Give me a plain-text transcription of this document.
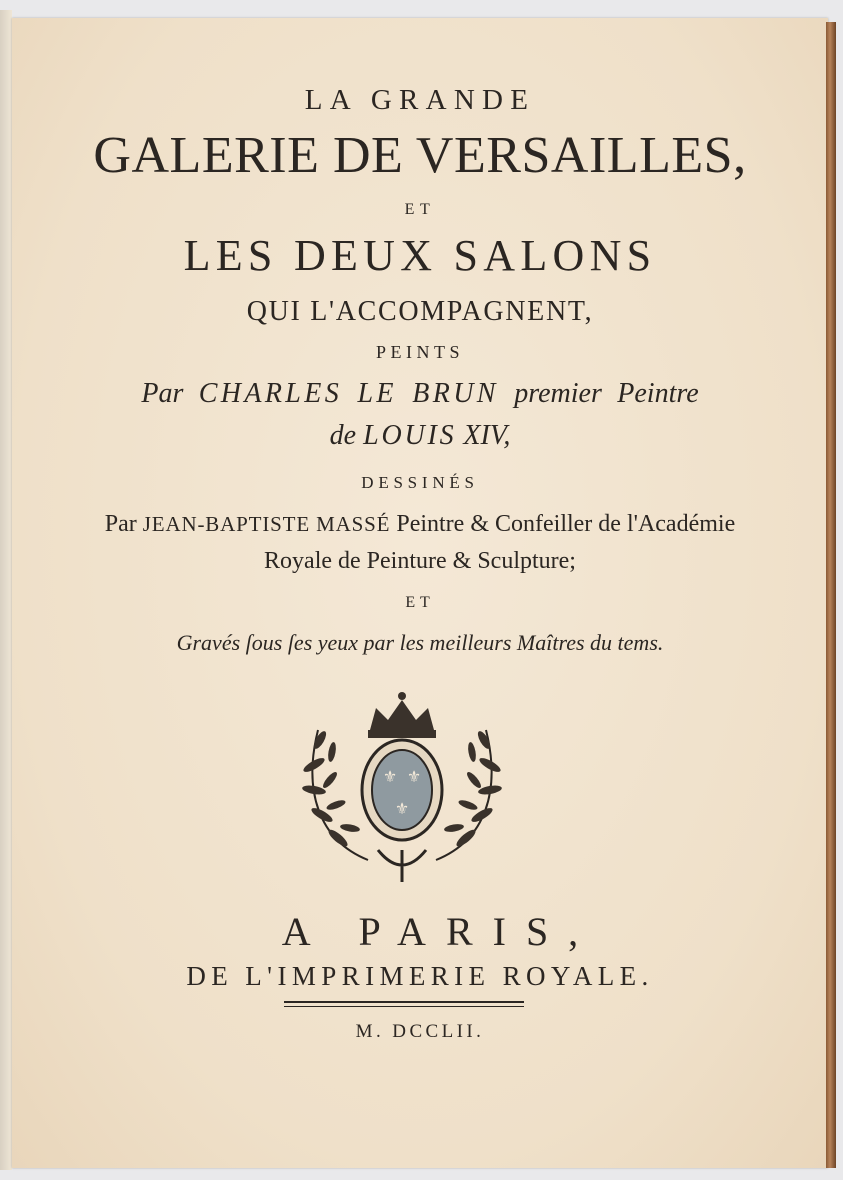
LA GRANDE
GALERIE DE VERSAILLES,
ET
LES DEUX SALONS
QUI L'ACCOMPAGNENT,
PEINTS
Par CHARLES LE BRUN premier Peintre
de LOUIS XIV,
DESSINÉS
Par JEAN-BAPTISTE MASSÉ Peintre & Confeiller de l'Académie
Royale de Peinture & Sculpture;
ET
Gravés ſous ſes yeux par les meilleurs Maîtres du tems.
⚜ ⚜
⚜
A PARIS,
DE L'IMPRIMERIE ROYALE.
M. DCCLII.
